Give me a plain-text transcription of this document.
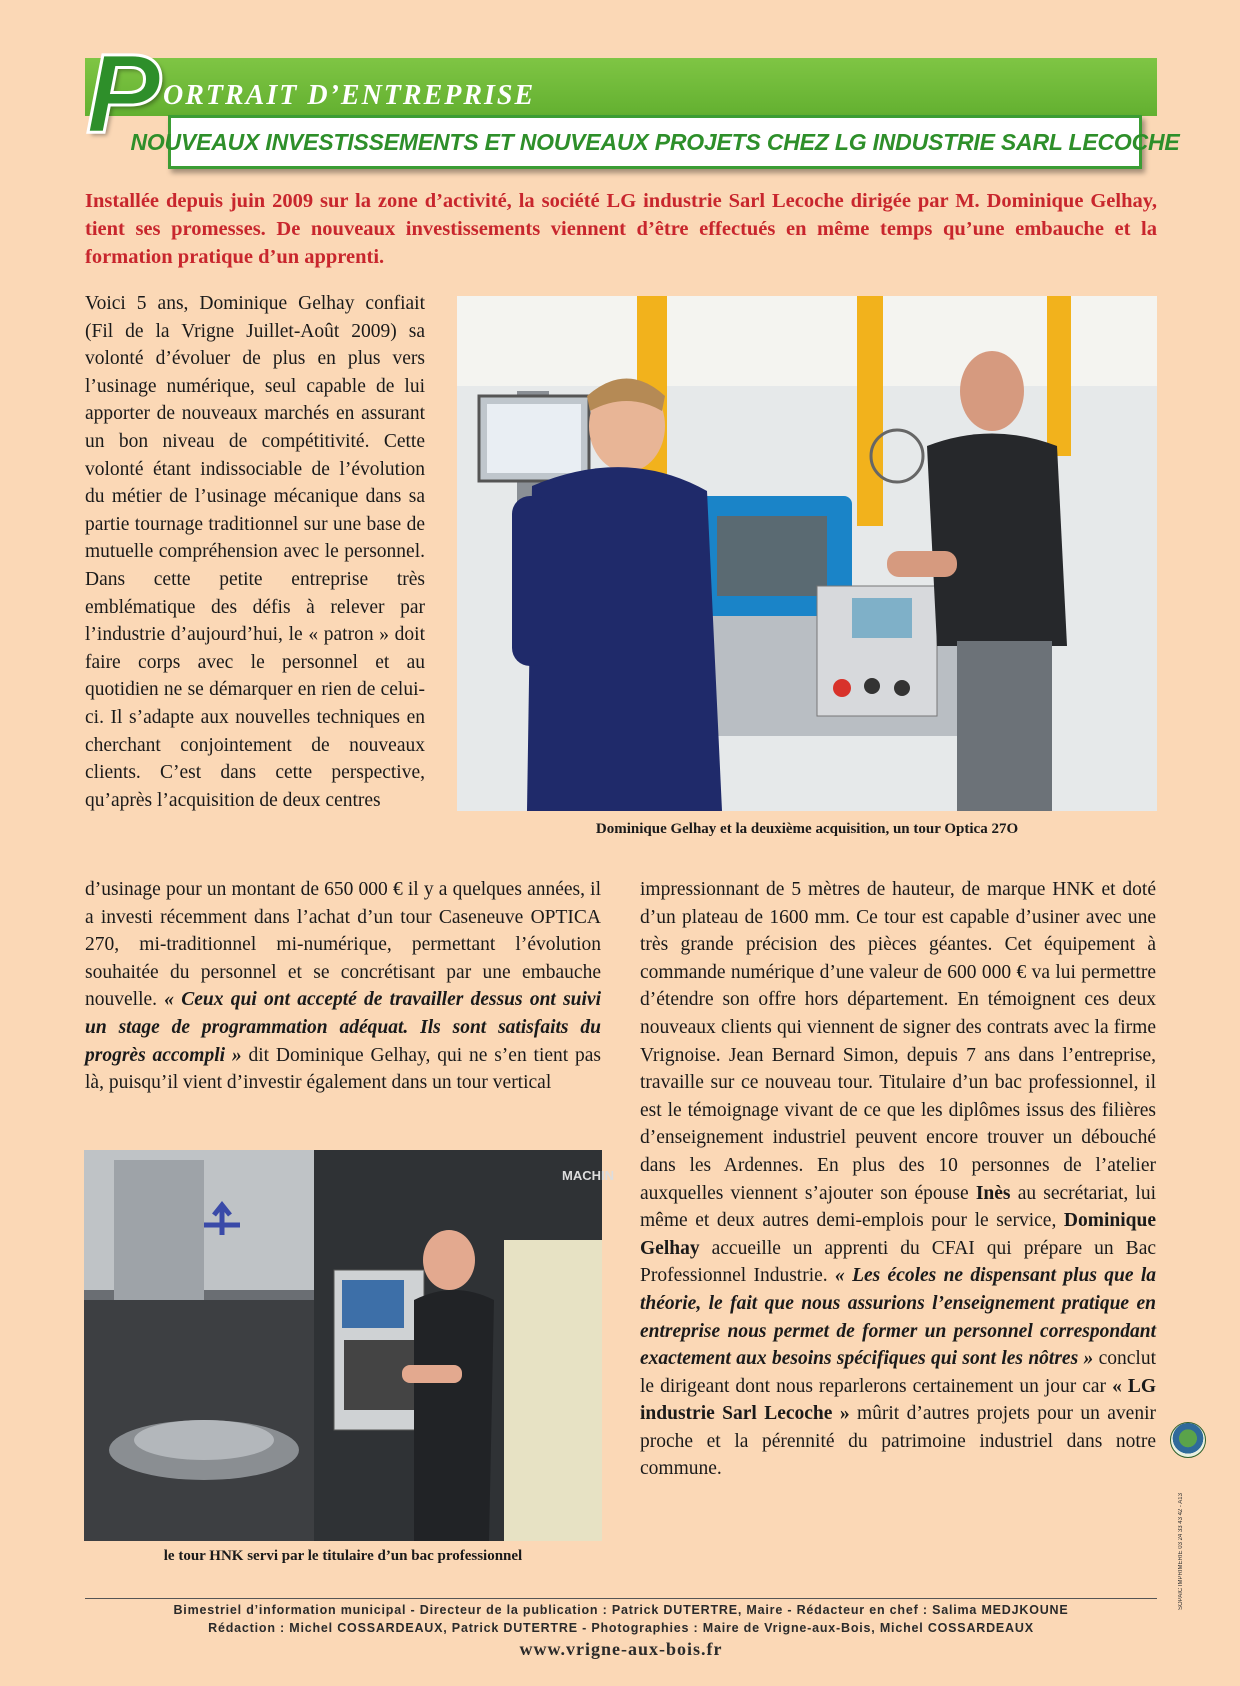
P ORTRAIT D’ENTREPRISE
NOUVEAUX INVESTISSEMENTS ET NOUVEAUX PROJETS CHEZ LG INDUSTRIE SARL LECOCHE

Installée depuis juin 2009 sur la zone d’activité, la société LG industrie Sarl Lecoche dirigée par M. Dominique Gelhay, tient ses promesses. De nouveaux investissements viennent d’être effectués en même temps qu’une embauche et la formation pratique d’un apprenti.

Voici 5 ans, Dominique Gelhay confiait (Fil de la Vrigne Juillet-Août 2009) sa volonté d’évoluer de plus en plus vers l’usinage numérique, seul capable de lui apporter de nouveaux marchés en assurant un bon niveau de compétitivité. Cette volonté étant indissociable de l’évolution du métier de l’usinage mécanique dans sa partie tournage traditionnel sur une base de mutuelle compréhension avec le personnel. Dans cette petite entreprise très emblématique des défis à relever par l’industrie d’aujourd’hui, le « patron » doit faire corps avec le personnel et au quotidien ne se démarquer en rien de celui-ci. Il s’adapte aux nouvelles techniques en cherchant conjointement de nouveaux clients. C’est dans cette perspective, qu’après l’acquisition de deux centres

Dominique Gelhay et la deuxième acquisition, un tour Optica 27O

d’usinage pour un montant de 650 000 € il y a quelques années, il a investi récemment dans l’achat d’un tour Caseneuve OPTICA 270, mi-traditionnel mi-numérique, permettant l’évolution souhaitée du personnel et se concrétisant par une embauche nouvelle. « Ceux qui ont accepté de travailler dessus ont suivi un stage de programmation adéquat. Ils sont satisfaits du progrès accompli » dit Dominique Gelhay, qui ne s’en tient pas là, puisqu’il vient d’investir également dans un tour vertical

MACHIN
le tour HNK servi par le titulaire d’un bac professionnel

impressionnant de 5 mètres de hauteur, de marque HNK et doté d’un plateau de 1600 mm. Ce tour est capable d’usiner avec une très grande précision des pièces géantes. Cet équipement à commande numérique d’une valeur de 600 000 € va lui permettre d’étendre son offre hors département. En témoignent ces deux nouveaux clients qui viennent de signer des contrats avec la firme Vrignoise. Jean Bernard Simon, depuis 7 ans dans l’entreprise, travaille sur ce nouveau tour. Titulaire d’un bac professionnel, il est le témoignage vivant de ce que les diplômes issus des filières d’enseignement industriel peuvent encore trouver un débouché dans les Ardennes. En plus des 10 personnes de l’atelier auxquelles viennent s’ajouter son épouse Inès au secrétariat, lui même et deux autres demi-emplois pour le service, Dominique Gelhay accueille un apprenti du CFAI qui prépare un Bac Professionnel Industrie. « Les écoles ne dispensant plus que la théorie, le fait que nous assurions l’enseignement pratique en entreprise nous permet de former un personnel correspondant exactement aux besoins spécifiques qui sont les nôtres » conclut le dirigeant dont nous reparlerons certainement un jour car « LG industrie Sarl Lecoche » mûrit d’autres projets pour un avenir proche et la pérennité du patrimoine industriel dans notre commune.

SOPAIC IMPRIMERIE 03 24 33 43 42 - A13
Bimestriel d’information municipal - Directeur de la publication : Patrick DUTERTRE, Maire - Rédacteur en chef : Salima MEDJKOUNE
Rédaction : Michel COSSARDEAUX, Patrick DUTERTRE - Photographies : Maire de Vrigne-aux-Bois, Michel COSSARDEAUX
www.vrigne-aux-bois.fr
